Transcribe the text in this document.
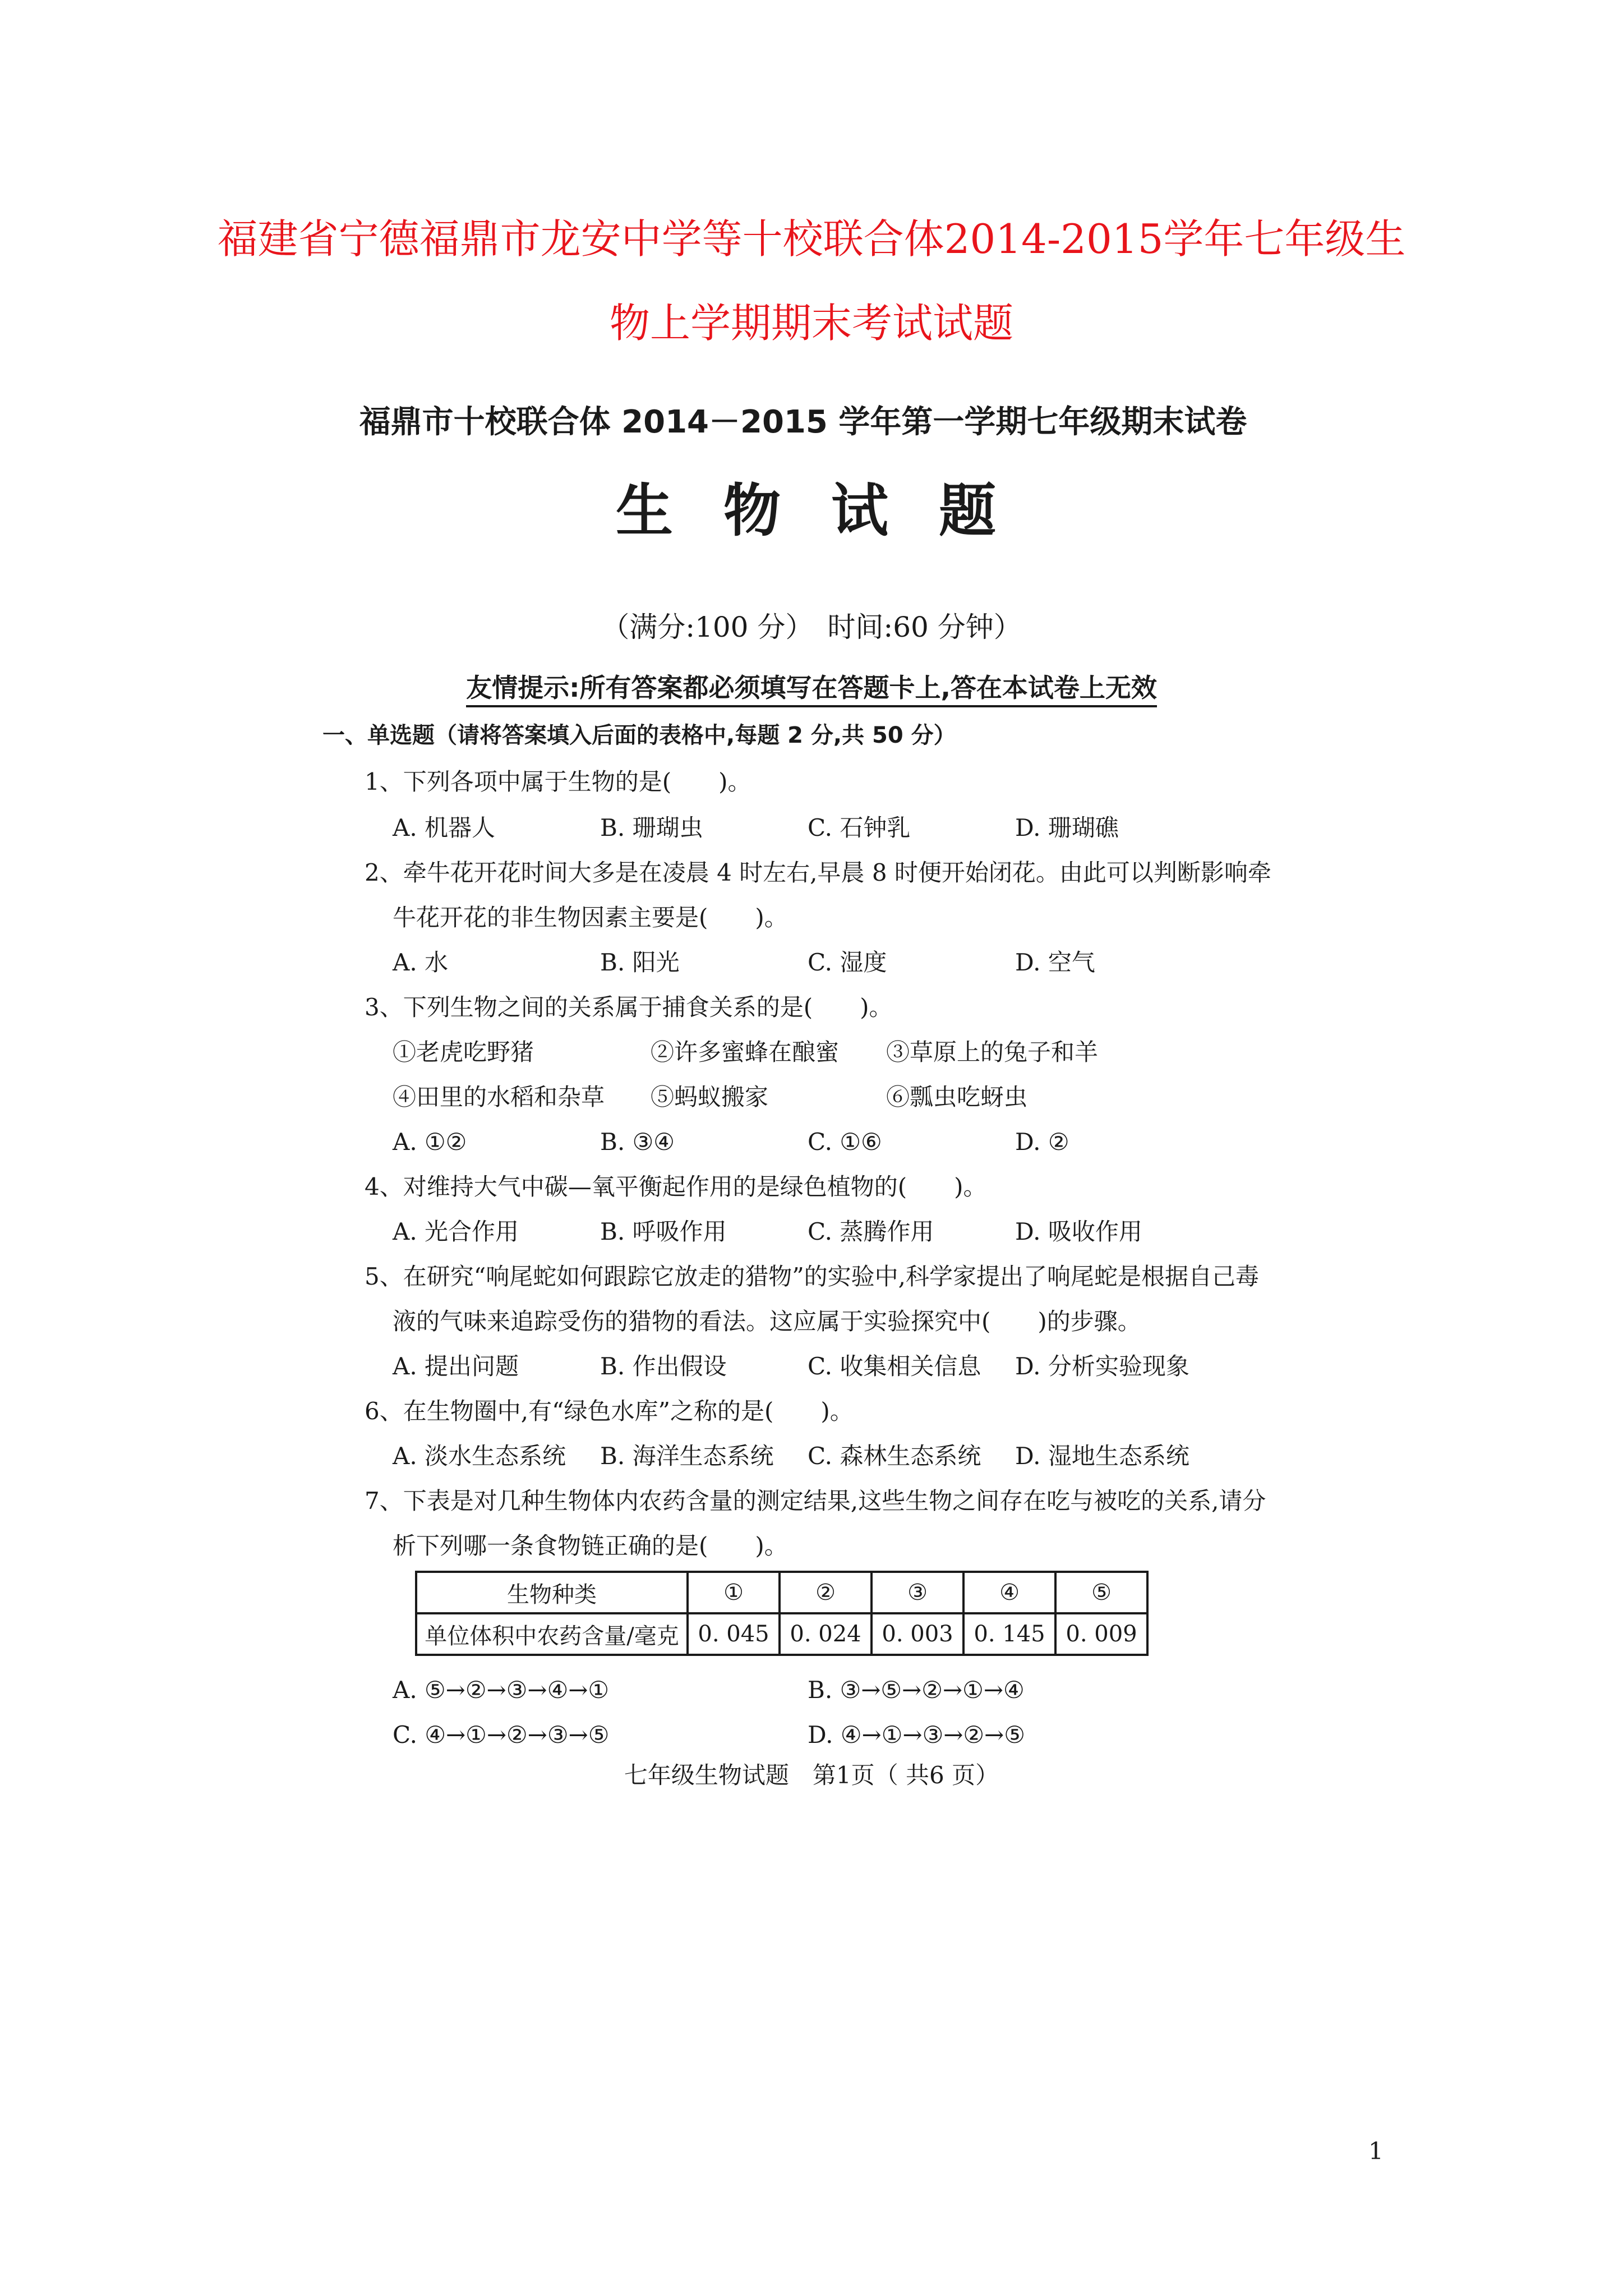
福建省宁德福鼎市龙安中学等十校联合体2014-2015学年七年级生
物上学期期末考试试题
福鼎市十校联合体 2014－2015 学年第一学期七年级期末试卷
生物试题
（满分:100 分）　时间:60 分钟）
友情提示:所有答案都必须填写在答题卡上,答在本试卷上无效
一、单选题（请将答案填入后面的表格中,每题 2 分,共 50 分）
1、下列各项中属于生物的是(　　)。
A. 机器人	B. 珊瑚虫	C. 石钟乳	D. 珊瑚礁
2、牵牛花开花时间大多是在凌晨 4 时左右,早晨 8 时便开始闭花。由此可以判断影响牵
牛花开花的非生物因素主要是(　　)。
A. 水	B. 阳光	C. 湿度	D. 空气
3、下列生物之间的关系属于捕食关系的是(　　)。
①老虎吃野猪	②许多蜜蜂在酿蜜 ③草原上的兔子和羊
④田里的水稻和杂草 ⑤蚂蚁搬家	⑥瓢虫吃蚜虫
A. ①②	B. ③④	C. ①⑥	D. ②
4、对维持大气中碳—氧平衡起作用的是绿色植物的(　　)。
A. 光合作用	B. 呼吸作用	C. 蒸腾作用	D. 吸收作用
5、在研究“响尾蛇如何跟踪它放走的猎物”的实验中,科学家提出了响尾蛇是根据自己毒
液的气味来追踪受伤的猎物的看法。这应属于实验探究中(　　)的步骤。
A. 提出问题	B. 作出假设	C. 收集相关信息 D. 分析实验现象
6、在生物圈中,有“绿色水库”之称的是(　　)。
A. 淡水生态系统 B. 海洋生态系统 C. 森林生态系统 D. 湿地生态系统
7、下表是对几种生物体内农药含量的测定结果,这些生物之间存在吃与被吃的关系,请分
析下列哪一条食物链正确的是(　　)。
生物种类	①	②	③	④	⑤
单位体积中农药含量/毫克	0. 045	0. 024	0. 003	0. 145	0. 009
A. ⑤→②→③→④→①	B. ③→⑤→②→①→④
C. ④→①→②→③→⑤	D. ④→①→③→②→⑤
七年级生物试题　第1页（ 共6 页）
1
